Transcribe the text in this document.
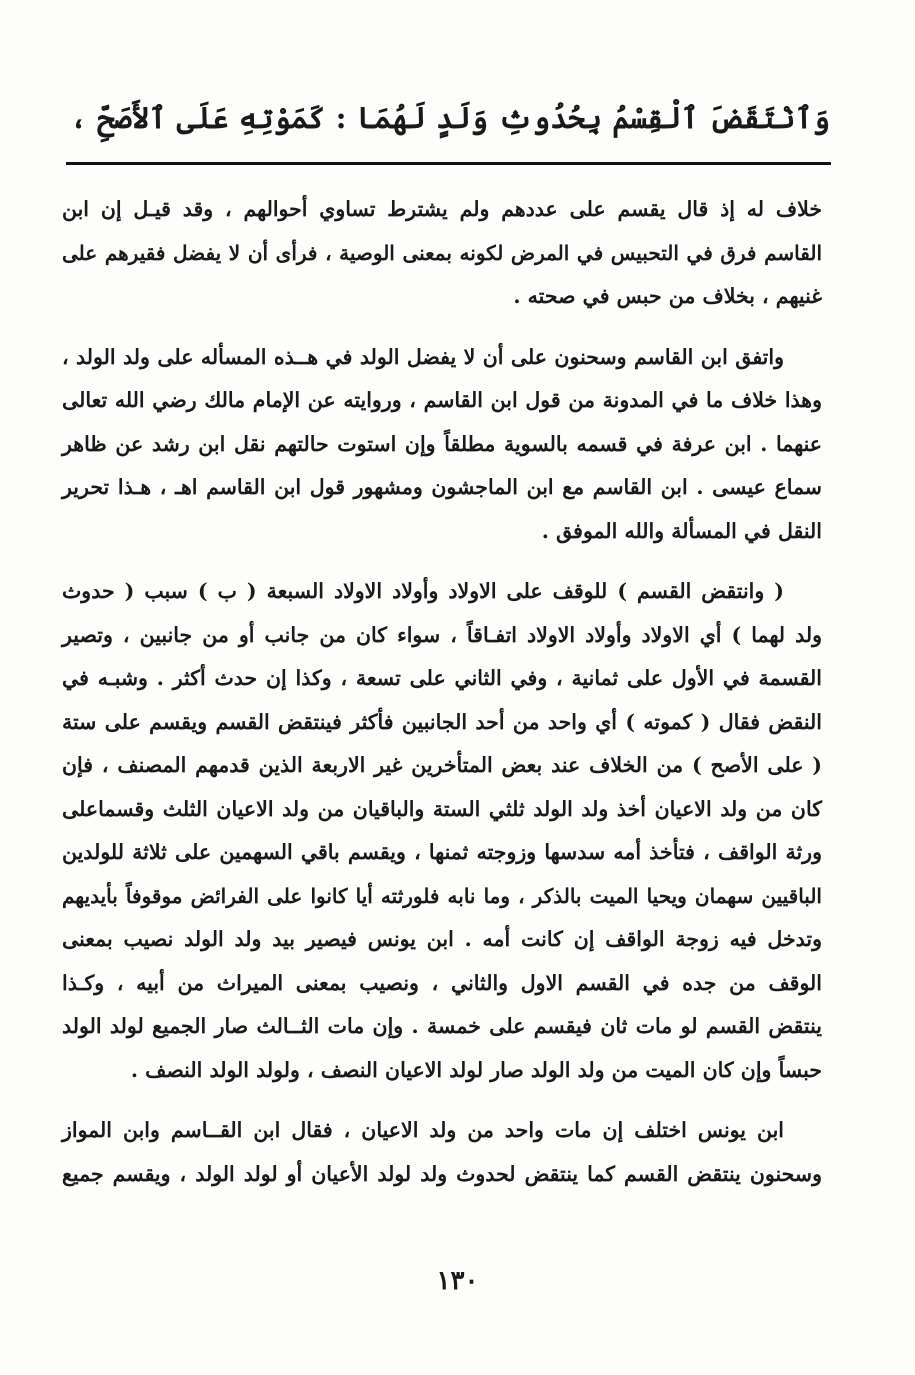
وَٱنْتَقَضَ ٱلْقِسْمُ بِحُدُوثِ وَلَدٍ لَهُمَا : كَمَوْتِهِ عَلَى ٱلأَصَحِّ ،

خلاف له إذ قال يقسم على عددهم ولم يشترط تساوي أحوالهم ، وقد قيـل إن ابن
القاسم فرق في التحبيس في المرض لكونه بمعنى الوصية ، فرأى أن لا يفضل فقيرهم على
غنيهم ، بخلاف من حبس في صحته .

واتفق ابن القاسم وسحنون على أن لا يفضل الولد في هــذه المسأله على ولد الولد ،
وهذا خلاف ما في المدونة من قول ابن القاسم ، وروايته عن الإمام مالك رضي الله تعالى
عنهما . ابن عرفة في قسمه بالسوية مطلقاً وإن استوت حالتهم نقل ابن رشد عن ظاهر
سماع عيسى . ابن القاسم مع ابن الماجشون ومشهور قول ابن القاسم اهـ ، هـذا تحرير
النقل في المسألة والله الموفق .

( وانتقض القسم ) للوقف على الاولاد وأولاد الاولاد السبعة ( ب ) سبب ( حدوث
ولد لهما ) أي الاولاد وأولاد الاولاد اتفـاقاً ، سواء كان من جانب أو من جانبين ، وتصير
القسمة في الأول على ثمانية ، وفي الثاني على تسعة ، وكذا إن حدث أكثر . وشبـه في
النقض فقال ( كموته ) أي واحد من أحد الجانبين فأكثر فينتقض القسم ويقسم على ستة
( على الأصح ) من الخلاف عند بعض المتأخرين غير الاربعة الذين قدمهم المصنف ، فإن
كان من ولد الاعيان أخذ ولد الولد ثلثي الستة والباقيان من ولد الاعيان الثلث وقسماعلى
ورثة الواقف ، فتأخذ أمه سدسها وزوجته ثمنها ، ويقسم باقي السهمين على ثلاثة للولدين
الباقيين سهمان ويحيا الميت بالذكر ، وما نابه فلورثته أيا كانوا على الفرائض موقوفاً بأيديهم
وتدخل فيه زوجة الواقف إن كانت أمه . ابن يونس فيصير بيد ولد الولد نصيب بمعنى
الوقف من جده في القسم الاول والثاني ، ونصيب بمعنى الميراث من أبيه ، وكـذا
ينتقض القسم لو مات ثان فيقسم على خمسة . وإن مات الثــالث صار الجميع لولد الولد
حبساً وإن كان الميت من ولد الولد صار لولد الاعيان النصف ، ولولد الولد النصف .

ابن يونس اختلف إن مات واحد من ولد الاعيان ، فقال ابن القــاسم وابن المواز
وسحنون ينتقض القسم كما ينتقض لحدوث ولد لولد الأعيان أو لولد الولد ، ويقسم جميع

١٣٠
